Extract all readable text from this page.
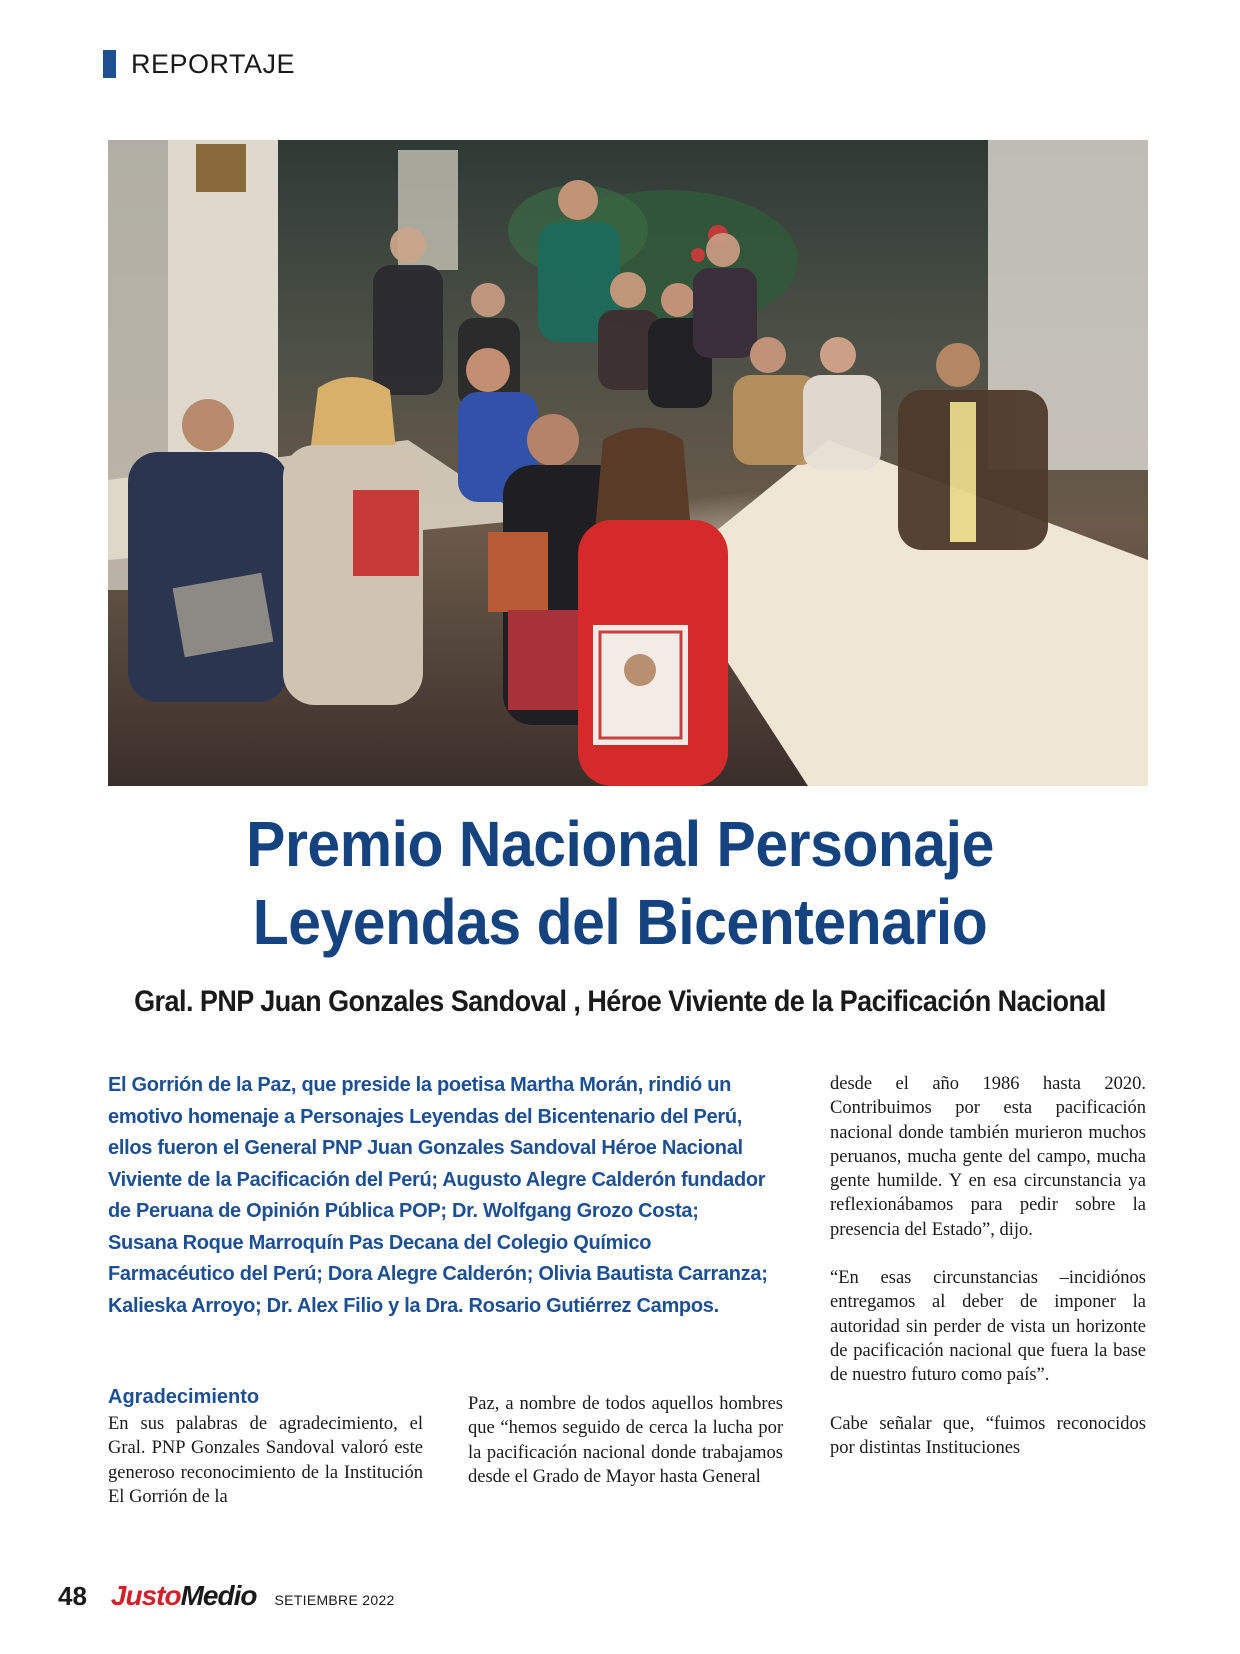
REPORTAJE
Premio Nacional Personaje
Leyendas del Bicentenario
Gral. PNP Juan Gonzales Sandoval , Héroe Viviente de la Pacificación Nacional
El Gorrión de la Paz, que preside la poetisa Martha Morán, rindió un emotivo homenaje a Personajes Leyendas del Bicentenario del Perú, ellos fueron el General PNP Juan Gonzales Sandoval Héroe Nacional Viviente de la Pacificación del Perú; Augusto Alegre Calderón fundador de Peruana de Opinión Pública POP; Dr. Wolfgang Grozo Costa; Susana Roque Marroquín Pas Decana del Colegio Químico Farmacéutico del Perú; Dora Alegre Calderón; Olivia Bautista Carranza; Kalieska Arroyo; Dr. Alex Filio y la Dra. Rosario Gutiérrez Campos.
Agradecimiento

En sus palabras de agradecimiento, el Gral. PNP Gonzales Sandoval valoró este generoso reconocimiento de la Institución El Gorrión de la

Paz, a nombre de todos aquellos hombres que “hemos seguido de cerca la lucha por la pacificación nacional donde trabajamos desde el Grado de Mayor hasta General

desde el año 1986 hasta 2020. Contribuimos por esta pacificación nacional donde también murieron muchos peruanos, mucha gente del campo, mucha gente humilde. Y en esa circunstancia ya reflexionábamos para pedir sobre la presencia del Estado”, dijo.

“En esas circunstancias –incidiónos entregamos al deber de imponer la autoridad sin perder de vista un horizonte de pacificación nacional que fuera la base de nuestro futuro como país”.

Cabe señalar que, “fuimos reconocidos por distintas Instituciones

48 JustoMedio SETIEMBRE 2022
